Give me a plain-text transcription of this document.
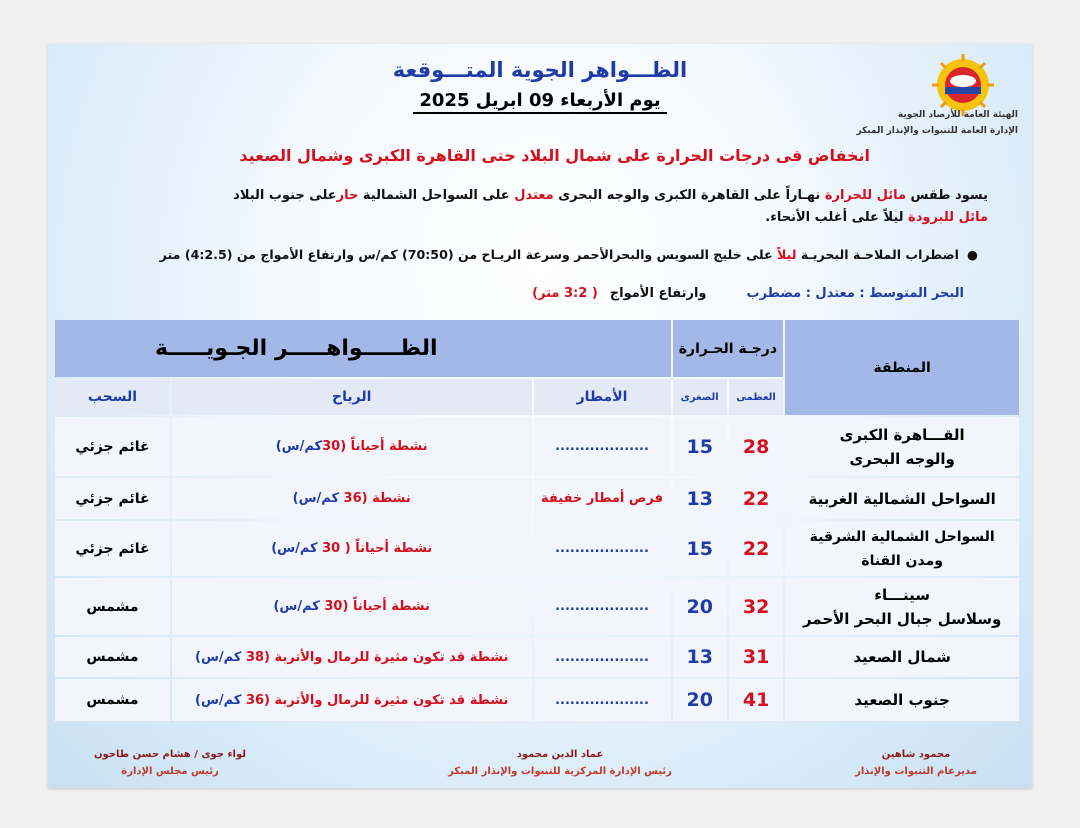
الهيئة العامة للأرصاد الجوية
الإدارة العامة للتنبوات والإنذار المبكر
الظـــواهر الجوية المتـــوقعة
يوم الأربعاء 09 ابريل 2025
انخفاض فى درجات الحرارة على شمال البلاد حتى القاهرة الكبرى وشمال الصعيد
يسود طقس مائل للحرارة نهـاراً على القاهرة الكبرى والوجه البحرى معتدل على السواحل الشمالية حارعلى جنوب البلاد
مائل للبرودة ليلاً على أغلب الأنحاء.
●اضطراب الملاحـة البحريـة ليلاً على خليج السويس والبحرالأحمر وسرعة الريـاح من (70:50) كم/س وارتفاع الأمواج من (4:2.5) متر
البحر المتوسط : معتدل : مضطربوارتفاع الأمواج( 3:2 متر)
المنطقة	درجـة الحـرارة		الظـــــواهـــــر الجـويـــــة		
	العظمى	الصغرى	الأمطار	الرياح	السحب

القـــاهرة الكبرى
والوجه البحرى	28	15	...................	نشطة أحياناً (30كم/س)	غائم جزئي

السواحل الشمالية الغربية	22	13	فرص أمطار خفيفة	نشطة (36 كم/س)	غائم جزئي

السواحل الشمالية الشرقية
ومدن القناة	22	15	...................	نشطة أحياناً ( 30 كم/س)	غائم جزئي

سينـــاء
وسلاسل جبال البحر الأحمر	32	20	...................	نشطة أحياناً (30 كم/س)	مشمس

شمال الصعيد	31	13	...................	نشطة قد تكون مثيرة للرمال والأتربة (38 كم/س)	مشمس

جنوب الصعيد	41	20	...................	نشطة قد تكون مثيرة للرمال والأتربة (36 كم/س)	مشمس
محمود شاهين
مديرعام التنبوات والإنذار
عماد الدين محمود
رئيس الإدارة المركزية للتنبوات والإنذار المبكر
لواء جوى / هشام حسن طاحون
رئيس مجلس الإدارة
